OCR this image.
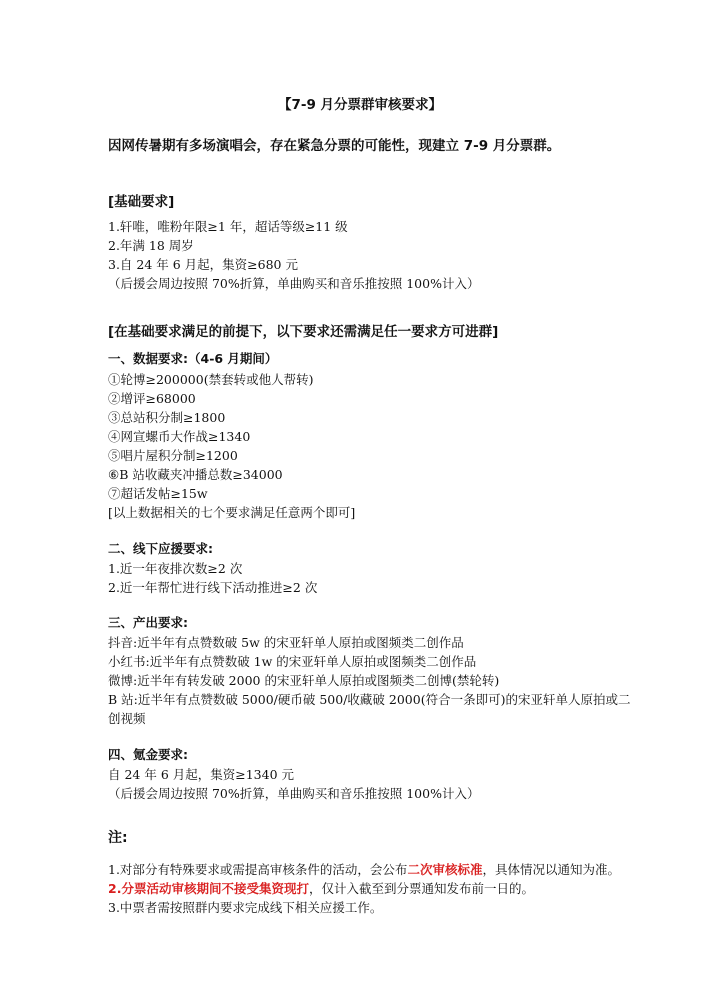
【7-9 月分票群审核要求】
因网传暑期有多场演唱会，存在紧急分票的可能性，现建立 7-9 月分票群。
[基础要求]
1.轩唯，唯粉年限≥1 年，超话等级≥11 级
2.年满 18 周岁
3.自 24 年 6 月起，集资≥680 元
（后援会周边按照 70%折算，单曲购买和音乐推按照 100%计入）
[在基础要求满足的前提下，以下要求还需满足任一要求方可进群]
一、数据要求:（4-6 月期间）
①轮博≥200000(禁套转或他人帮转)
②增评≥68000
③总站积分制≥1800
④网宣螺币大作战≥1340
⑤唱片屋积分制≥1200
⑥B 站收藏夹冲播总数≥34000
⑦超话发帖≥15w
[以上数据相关的七个要求满足任意两个即可]
二、线下应援要求:
1.近一年夜排次数≥2 次
2.近一年帮忙进行线下活动推进≥2 次
三、产出要求:
抖音:近半年有点赞数破 5w 的宋亚轩单人原拍或图频类二创作品
小红书:近半年有点赞数破 1w 的宋亚轩单人原拍或图频类二创作品
微博:近半年有转发破 2000 的宋亚轩单人原拍或图频类二创博(禁轮转)
B 站:近半年有点赞数破 5000/硬币破 500/收藏破 2000(符合一条即可)的宋亚轩单人原拍或二
创视频
四、氪金要求:
自 24 年 6 月起，集资≥1340 元
（后援会周边按照 70%折算，单曲购买和音乐推按照 100%计入）
注:
1.对部分有特殊要求或需提高审核条件的活动，会公布二次审核标准，具体情况以通知为准。
2.分票活动审核期间不接受集资现打，仅计入截至到分票通知发布前一日的。
3.中票者需按照群内要求完成线下相关应援工作。
